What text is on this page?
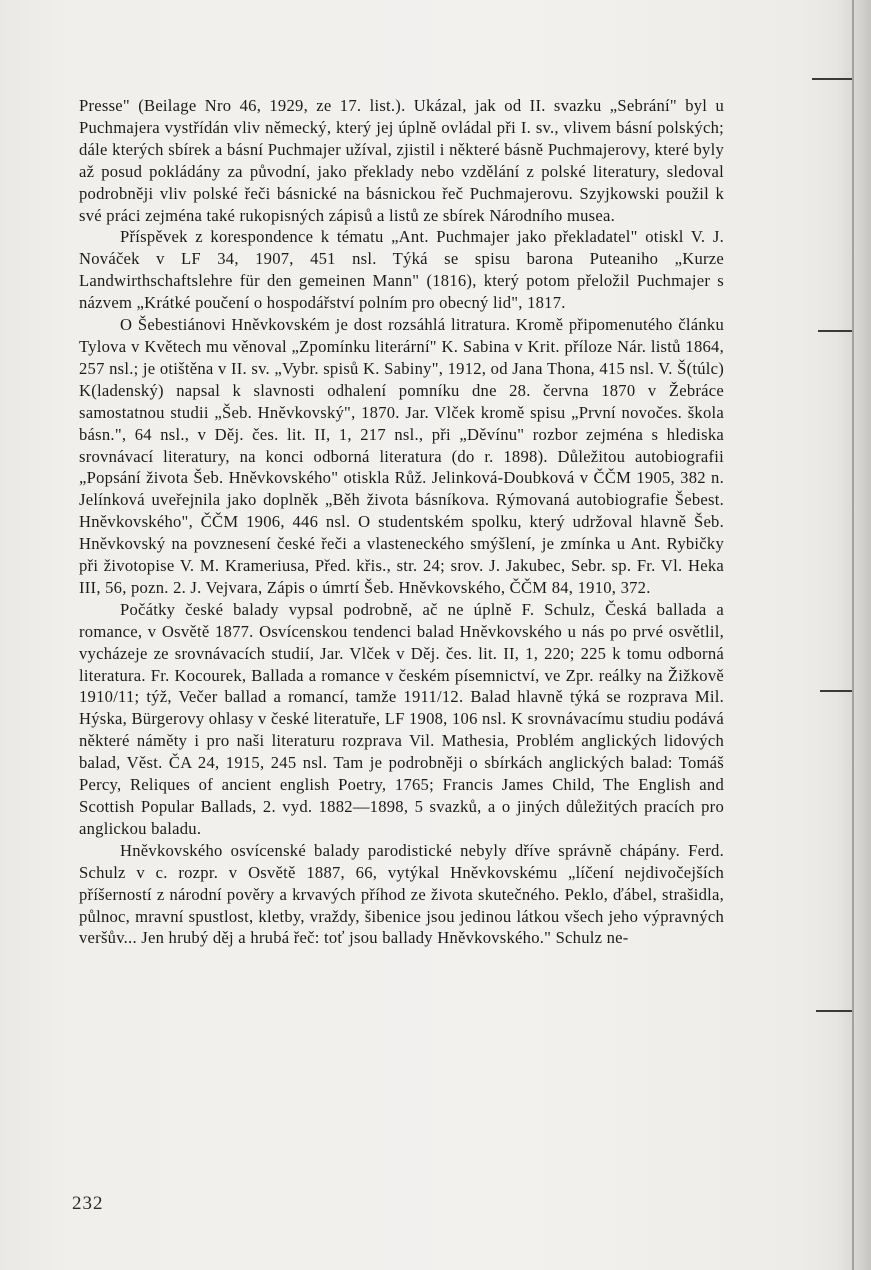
Presse" (Beilage Nro 46, 1929, ze 17. list.). Ukázal, jak od II. svazku „Sebrání" byl u Puchmajera vystřídán vliv německý, který jej úplně ovládal při I. sv., vlivem básní polských; dále kterých sbírek a básní Puchmajer užíval, zjistil i některé básně Puchmajerovy, které byly až posud pokládány za původní, jako překlady nebo vzdělání z polské literatury, sledoval podrobněji vliv polské řeči básnické na básnickou řeč Puchmajerovu. Szyjkowski použil k své práci zejména také rukopisných zápisů a listů ze sbírek Národního musea.

Příspěvek z korespondence k tématu „Ant. Puchmajer jako překladatel" otiskl V. J. Nováček v LF 34, 1907, 451 nsl. Týká se spisu barona Puteanihо „Kurze Landwirthschaftslehre für den gemeinen Mann" (1816), který potom přeložil Puchmajer s názvem „Krátké poučení o hospodářství polním pro obecný lid", 1817.

O Šebestiánovi Hněvkovském je dost rozsáhlá litratura. Kromě připomenutého článku Tylova v Květech mu věnoval „Zpomínku literární" K. Sabina v Krit. příloze Nár. listů 1864, 257 nsl.; je otištěna v II. sv. „Vybr. spisů K. Sabiny", 1912, od Jana Thona, 415 nsl. V. Š(túlc) K(ladenský) napsal k slavnosti odhalení pomníku dne 28. června 1870 v Žebráce samostatnou studii „Šeb. Hněvkovský", 1870. Jar. Vlček kromě spisu „První novočes. škola básn.", 64 nsl., v Děj. čes. lit. II, 1, 217 nsl., při „Děvínu" rozbor zejména s hlediska srovnávací literatury, na konci odborná literatura (do r. 1898). Důležitou autobiografii „Popsání života Šeb. Hněvkovského" otiskla Růž. Jelinková-Doubková v ČČM 1905, 382 n. Jelínková uveřejnila jako doplněk „Běh života básníkova. Rýmovaná autobiografie Šebest. Hněvkovského", ČČM 1906, 446 nsl. O studentském spolku, který udržoval hlavně Šeb. Hněvkovský na povznesení české řeči a vlasteneckého smýšlení, je zmínka u Ant. Rybičky při životopise V. M. Krameriusa, Před. křis., str. 24; srov. J. Jakubec, Sebr. sp. Fr. Vl. Heka III, 56, pozn. 2. J. Vejvara, Zápis o úmrtí Šeb. Hněvkovského, ČČM 84, 1910, 372.

Počátky české balady vypsal podrobně, ač ne úplně F. Schulz, Česká ballada a romance, v Osvětě 1877. Osvícenskou tendenci balad Hněvkovského u nás po prvé osvětlil, vycházeje ze srovnávacích studií, Jar. Vlček v Děj. čes. lit. II, 1, 220; 225 k tomu odborná literatura. Fr. Kocourek, Ballada a romance v českém písemnictví, ve Zpr. reálky na Žižkově 1910/11; týž, Večer ballad a romancí, tamže 1911/12. Balad hlavně týká se rozprava Mil. Hýska, Bürgerovy ohlasy v české literatuře, LF 1908, 106 nsl. K srovnávacímu studiu podává některé náměty i pro naši literaturu rozprava Vil. Mathesia, Problém anglických lidových balad, Věst. ČA 24, 1915, 245 nsl. Tam je podrobněji o sbírkách anglických balad: Tomáš Percy, Reliques of ancient english Poetry, 1765; Francis James Child, The English and Scottish Popular Ballads, 2. vyd. 1882—1898, 5 svazků, a o jiných důležitých pracích pro anglickou baladu.

Hněvkovského osvícenské balady parodistické nebyly dříve správně chápány. Ferd. Schulz v c. rozpr. v Osvětě 1887, 66, vytýkal Hněvkovskému „líčení nejdivočejších příšerností z národní pověry a krvavých příhod ze života skutečného. Peklo, ďábel, strašidla, půlnoc, mravní spustlost, kletby, vraždy, šibenice jsou jedinou látkou všech jeho výpravných veršův... Jen hrubý děj a hrubá řeč: toť jsou ballady Hněvkovského." Schulz ne-

232
